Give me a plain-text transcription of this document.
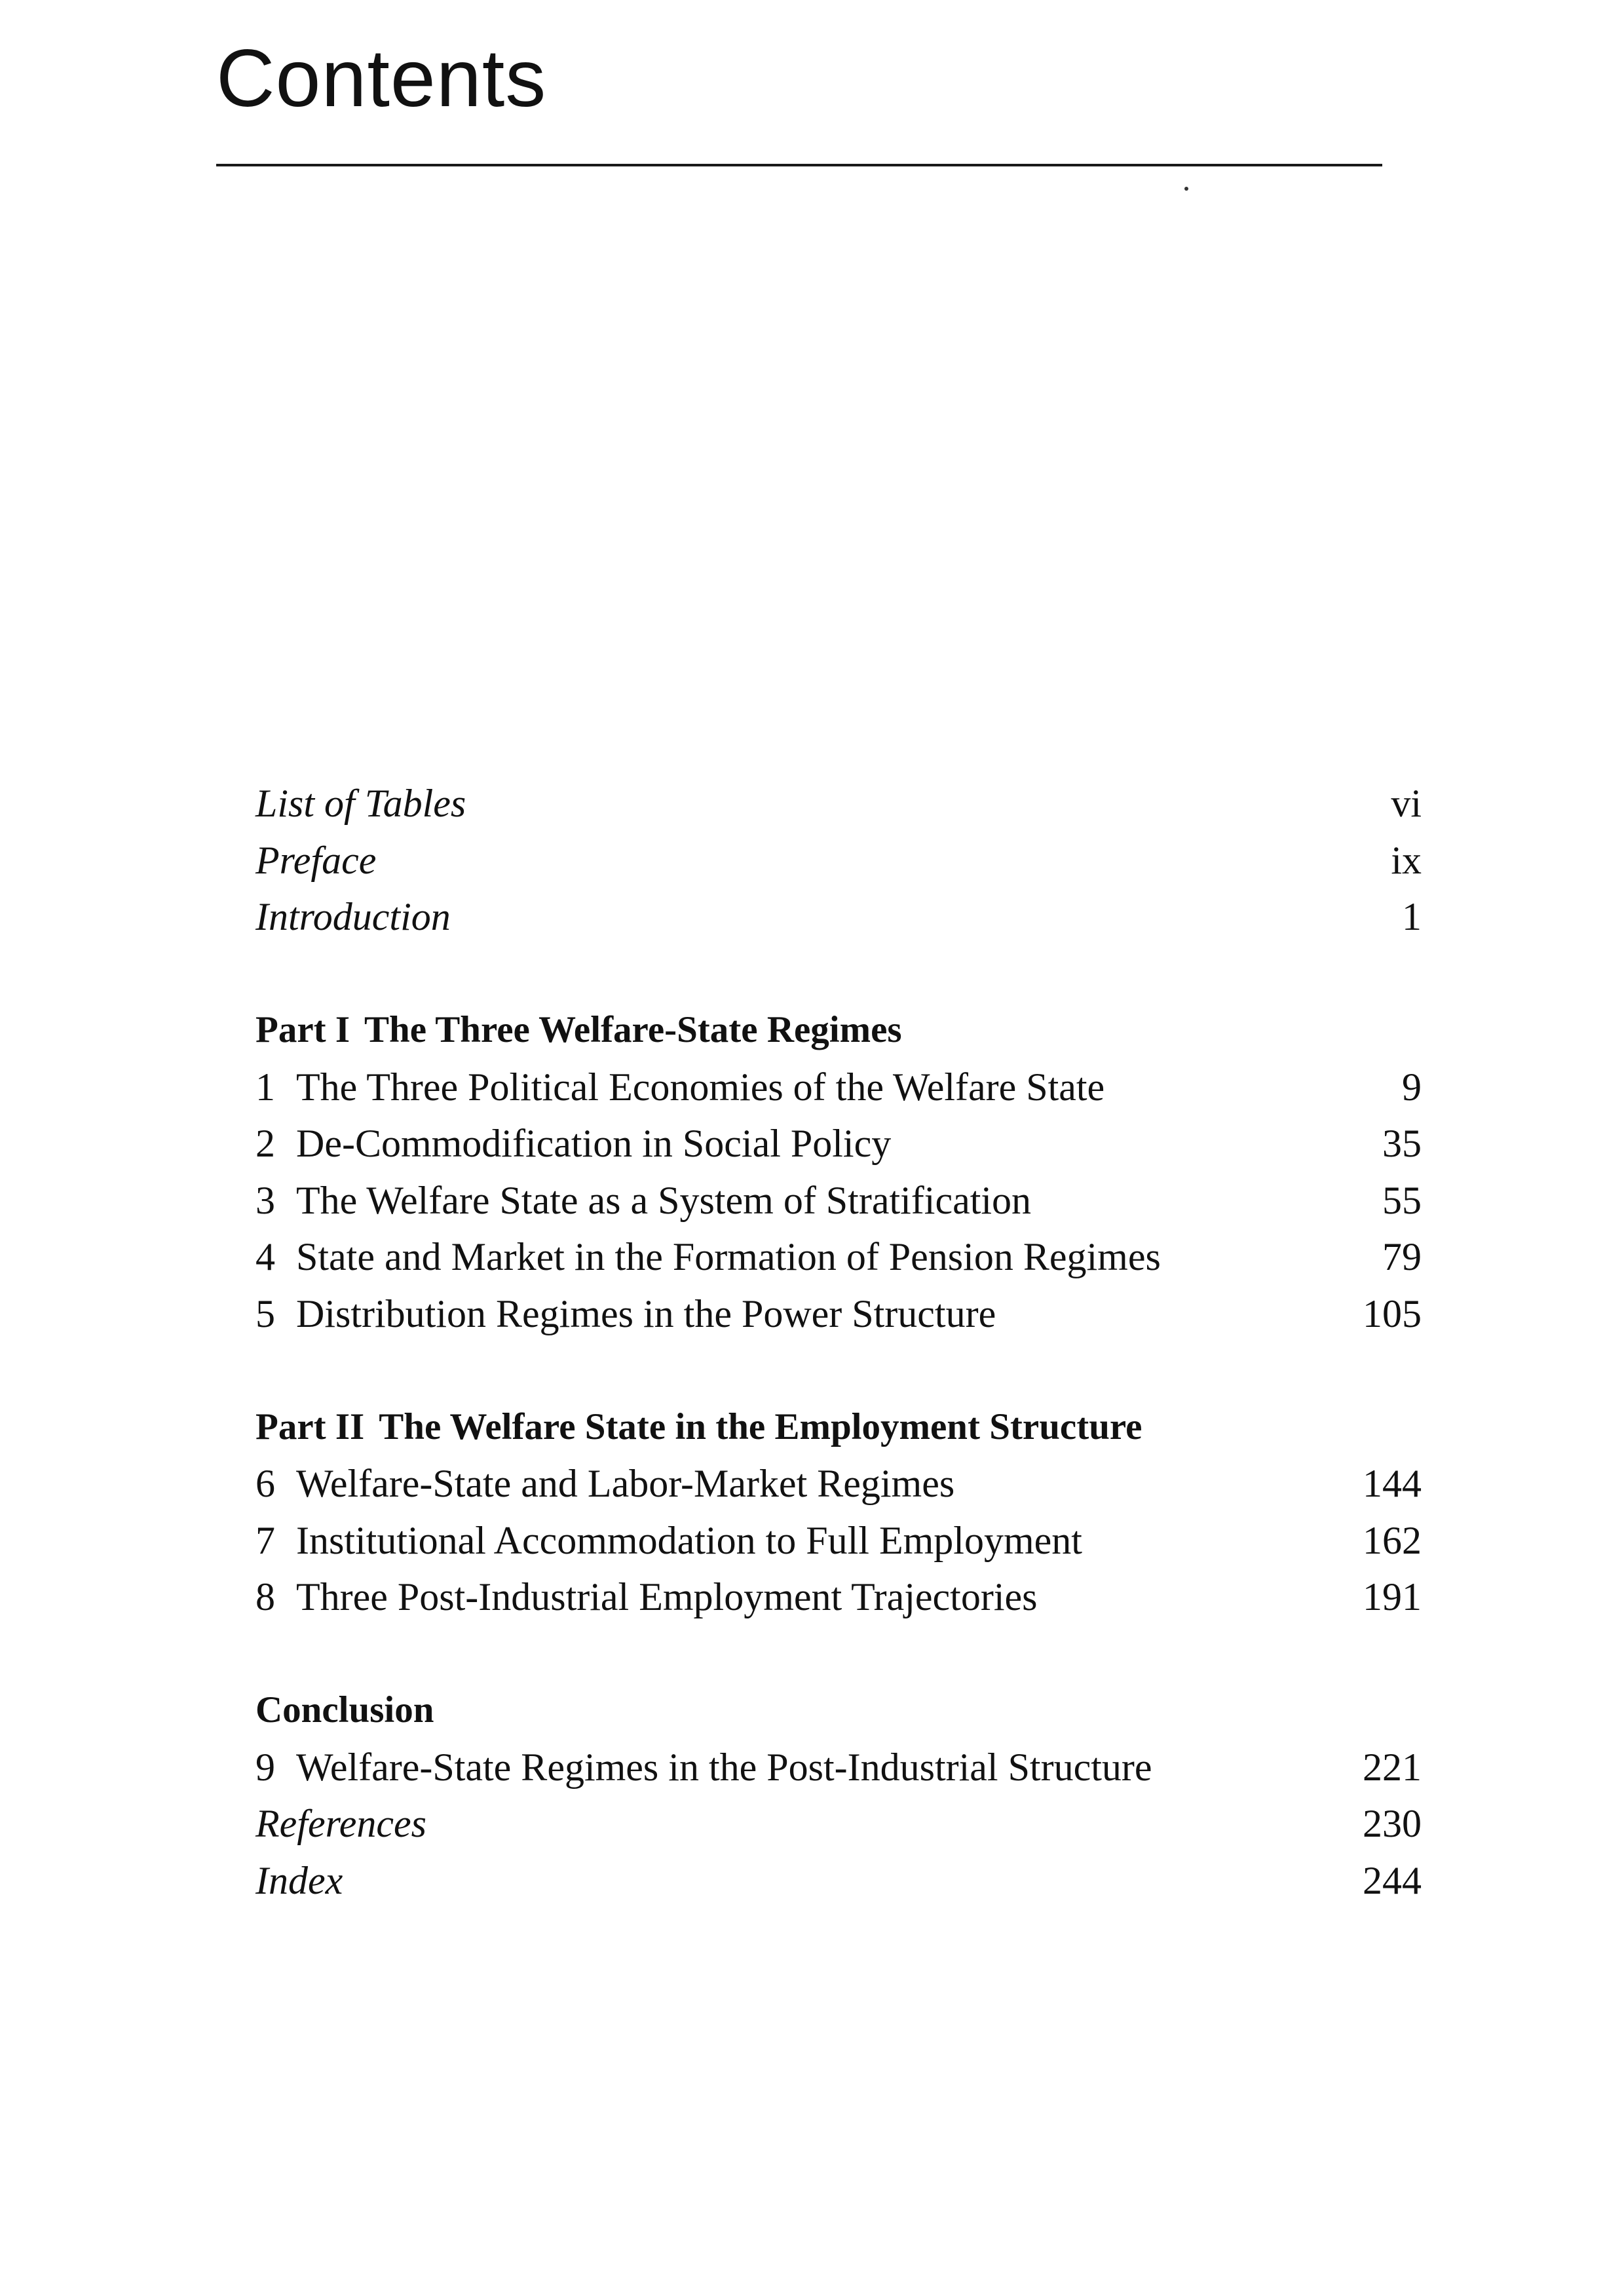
Contents
List of Tables	vi
Preface	ix
Introduction	1
Part I The Three Welfare-State Regimes
1 The Three Political Economies of the Welfare State	9
2 De-Commodification in Social Policy	35
3 The Welfare State as a System of Stratification	55
4 State and Market in the Formation of Pension Regimes	79
5 Distribution Regimes in the Power Structure	105
Part II The Welfare State in the Employment Structure
6 Welfare-State and Labor-Market Regimes	144
7 Institutional Accommodation to Full Employment	162
8 Three Post-Industrial Employment Trajectories	191
Conclusion
9 Welfare-State Regimes in the Post-Industrial Structure	221
References	230
Index	244
